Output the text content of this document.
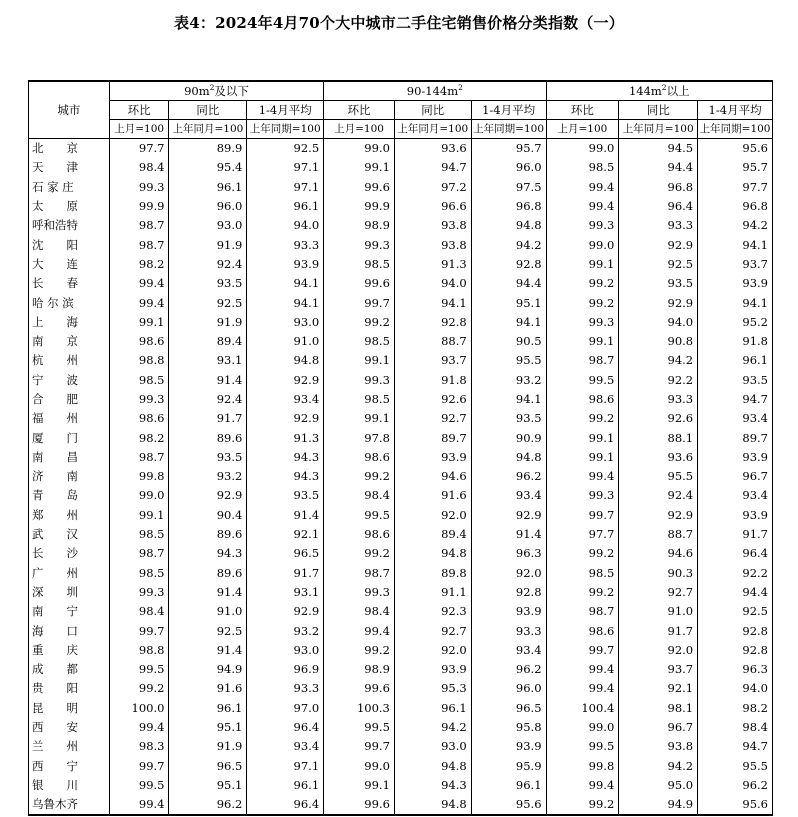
表4：2024年4月70个大中城市二手住宅销售价格分类指数（一）
城市	$90m^2$及以下			$90-144m^2$			$144m^2$以上		
	环比	同比	1-4月平均	环比	同比	1-4月平均	环比	同比	1-4月平均
	上月=100	上年同月=100	上年同期=100	上月=100	上年同月=100	上年同期=100	上月=100	上年同月=100	上年同期=100
北　　京	97.7	89.9	92.5	99.0	93.6	95.7	99.0	94.5	95.6
天　　津	98.4	95.4	97.1	99.1	94.7	96.0	98.5	94.4	95.7
石 家 庄	99.3	96.1	97.1	99.6	97.2	97.5	99.4	96.8	97.7
太　　原	99.9	96.0	96.1	99.9	96.6	96.8	99.4	96.4	96.8
呼和浩特	98.7	93.0	94.0	98.9	93.8	94.8	99.3	93.3	94.2
沈　　阳	98.7	91.9	93.3	99.3	93.8	94.2	99.0	92.9	94.1
大　　连	98.2	92.4	93.9	98.5	91.3	92.8	99.1	92.5	93.7
长　　春	99.4	93.5	94.1	99.6	94.0	94.4	99.2	93.5	93.9
哈 尔 滨	99.4	92.5	94.1	99.7	94.1	95.1	99.2	92.9	94.1
上　　海	99.1	91.9	93.0	99.2	92.8	94.1	99.3	94.0	95.2
南　　京	98.6	89.4	91.0	98.5	88.7	90.5	99.1	90.8	91.8
杭　　州	98.8	93.1	94.8	99.1	93.7	95.5	98.7	94.2	96.1
宁　　波	98.5	91.4	92.9	99.3	91.8	93.2	99.5	92.2	93.5
合　　肥	99.3	92.4	93.4	98.5	92.6	94.1	98.6	93.3	94.7
福　　州	98.6	91.7	92.9	99.1	92.7	93.5	99.2	92.6	93.4
厦　　门	98.2	89.6	91.3	97.8	89.7	90.9	99.1	88.1	89.7
南　　昌	98.7	93.5	94.3	98.6	93.9	94.8	99.1	93.6	93.9
济　　南	99.8	93.2	94.3	99.2	94.6	96.2	99.4	95.5	96.7
青　　岛	99.0	92.9	93.5	98.4	91.6	93.4	99.3	92.4	93.4
郑　　州	99.1	90.4	91.4	99.5	92.0	92.9	99.7	92.9	93.9
武　　汉	98.5	89.6	92.1	98.6	89.4	91.4	97.7	88.7	91.7
长　　沙	98.7	94.3	96.5	99.2	94.8	96.3	99.2	94.6	96.4
广　　州	98.5	89.6	91.7	98.7	89.8	92.0	98.5	90.3	92.2
深　　圳	99.3	91.4	93.1	99.3	91.1	92.8	99.2	92.7	94.4
南　　宁	98.4	91.0	92.9	98.4	92.3	93.9	98.7	91.0	92.5
海　　口	99.7	92.5	93.2	99.4	92.7	93.3	98.6	91.7	92.8
重　　庆	98.8	91.4	93.0	99.2	92.0	93.4	99.7	92.0	92.8
成　　都	99.5	94.9	96.9	98.9	93.9	96.2	99.4	93.7	96.3
贵　　阳	99.2	91.6	93.3	99.6	95.3	96.0	99.4	92.1	94.0
昆　　明	100.0	96.1	97.0	100.3	96.1	96.5	100.4	98.1	98.2
西　　安	99.4	95.1	96.4	99.5	94.2	95.8	99.0	96.7	98.4
兰　　州	98.3	91.9	93.4	99.7	93.0	93.9	99.5	93.8	94.7
西　　宁	99.7	96.5	97.1	99.0	94.8	95.9	99.8	94.2	95.5
银　　川	99.5	95.1	96.1	99.1	94.3	96.1	99.4	95.0	96.2
乌鲁木齐	99.4	96.2	96.4	99.6	94.8	95.6	99.2	94.9	95.6
